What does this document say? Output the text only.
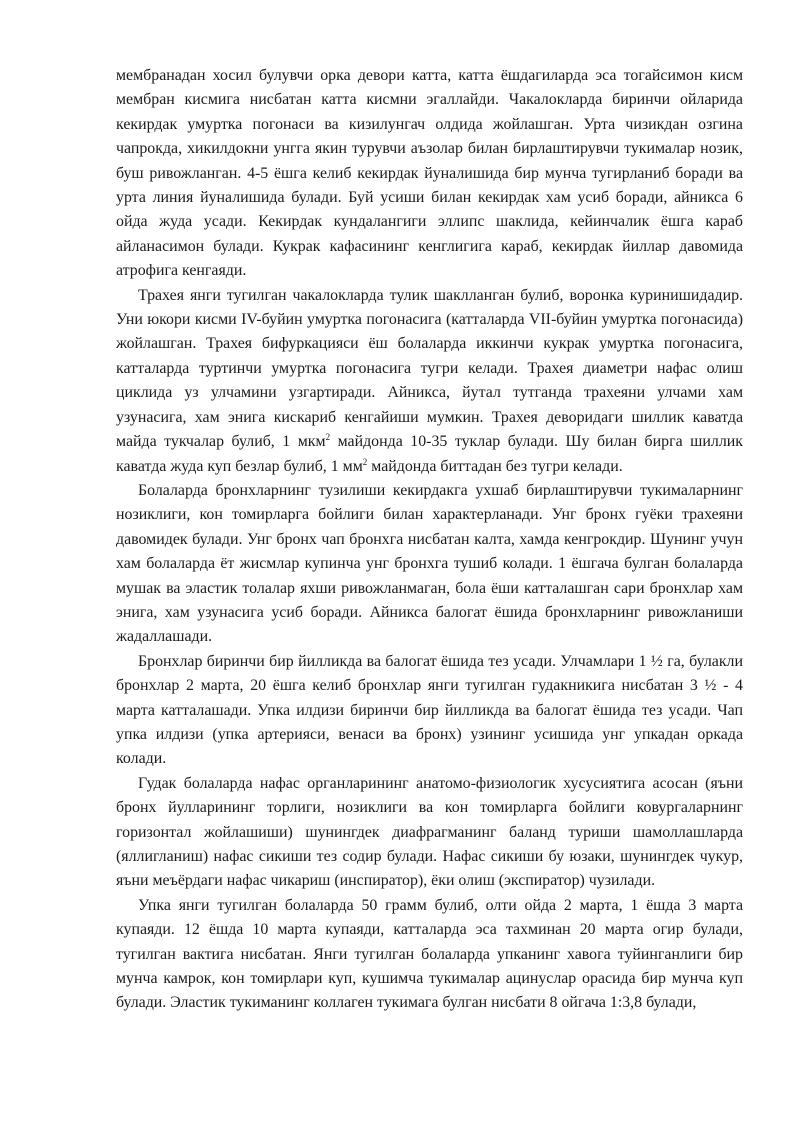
мембранадан хосил булувчи орка девори катта, катта ёшдагиларда эса тогайсимон кисм мембран кисмига нисбатан катта кисмни эгаллайди. Чакалокларда биринчи ойларида кекирдак умуртка погонаси ва кизилунгач олдида жойлашган. Урта чизикдан озгина чапрокда, хикилдокни унгга якин турувчи аъзолар билан бирлаштирувчи тукималар нозик, буш ривожланган. 4-5 ёшга келиб кекирдак йуналишида бир мунча тугирланиб боради ва урта линия йуналишида булади. Буй усиши билан кекирдак хам усиб боради, айникса 6 ойда жуда усади. Кекирдак кундалангиги эллипс шаклида, кейинчалик ёшга караб айланасимон булади. Кукрак кафасининг кенглигига караб, кекирдак йиллар давомида атрофига кенгаяди.

Трахея янги тугилган чакалокларда тулик шаклланган булиб, воронка куринишидадир. Уни юкори кисми IV-буйин умуртка погонасига (катталарда VII-буйин умуртка погонасида) жойлашган. Трахея бифуркацияси ёш болаларда иккинчи кукрак умуртка погонасига, катталарда туртинчи умуртка погонасига тугри келади. Трахея диаметри нафас олиш циклида уз улчамини узгартиради. Айникса, йутал тутганда трахеяни улчами хам узунасига, хам энига кискариб кенгайиши мумкин. Трахея деворидаги шиллик каватда майда тукчалар булиб, 1 мкм$^2$ майдонда 10-35 туклар булади. Шу билан бирга шиллик каватда жуда куп безлар булиб, 1 $мм^2$ майдонда биттадан без тугри келади.

Болаларда бронхларнинг тузилиши кекирдакга ухшаб бирлаштирувчи тукималарнинг нозиклиги, кон томирларга бойлиги билан характерланади. Унг бронх гуёки трахеяни давомидек булади. Унг бронх чап бронхга нисбатан калта, хамда кенгрокдир. Шунинг учун хам болаларда ёт жисмлар купинча унг бронхга тушиб колади. 1 ёшгача булган болаларда мушак ва эластик толалар яхши ривожланмаган, бола ёши катталашган сари бронхлар хам энига, хам узунасига усиб боради. Айникса балогат ёшида бронхларнинг ривожланиши жадаллашади.

Бронхлар биринчи бир йилликда ва балогат ёшида тез усади. Улчамлари 1 ½ га, булакли бронхлар 2 марта, 20 ёшга келиб бронхлар янги тугилган гудакникига нисбатан 3 ½ - 4 марта катталашади. Упка илдизи биринчи бир йилликда ва балогат ёшида тез усади. Чап упка илдизи (упка артерияси, венаси ва бронх) узининг усишида унг упкадан оркада колади.

Гудак болаларда нафас органларининг анатомо-физиологик хусусиятига асосан (яъни бронх йулларининг торлиги, нозиклиги ва кон томирларга бойлиги ковургаларнинг горизонтал жойлашиши) шунингдек диафрагманинг баланд туриши шамоллашларда (яллигланиш) нафас сикиши тез содир булади. Нафас сикиши бу юзаки, шунингдек чукур, яъни меъёрдаги нафас чикариш (инспиратор), ёки олиш (экспиратор) чузилади.

Упка янги тугилган болаларда 50 грамм булиб, олти ойда 2 марта, 1 ёшда 3 марта купаяди. 12 ёшда 10 марта купаяди, катталарда эса тахминан 20 марта огир булади, тугилган вактига нисбатан. Янги тугилган болаларда упканинг хавога туйинганлиги бир мунча камрок, кон томирлари куп, кушимча тукималар ацинуслар орасида бир мунча куп булади. Эластик тукиманинг коллаген тукимага булган нисбати 8 ойгача 1:3,8 булади,
